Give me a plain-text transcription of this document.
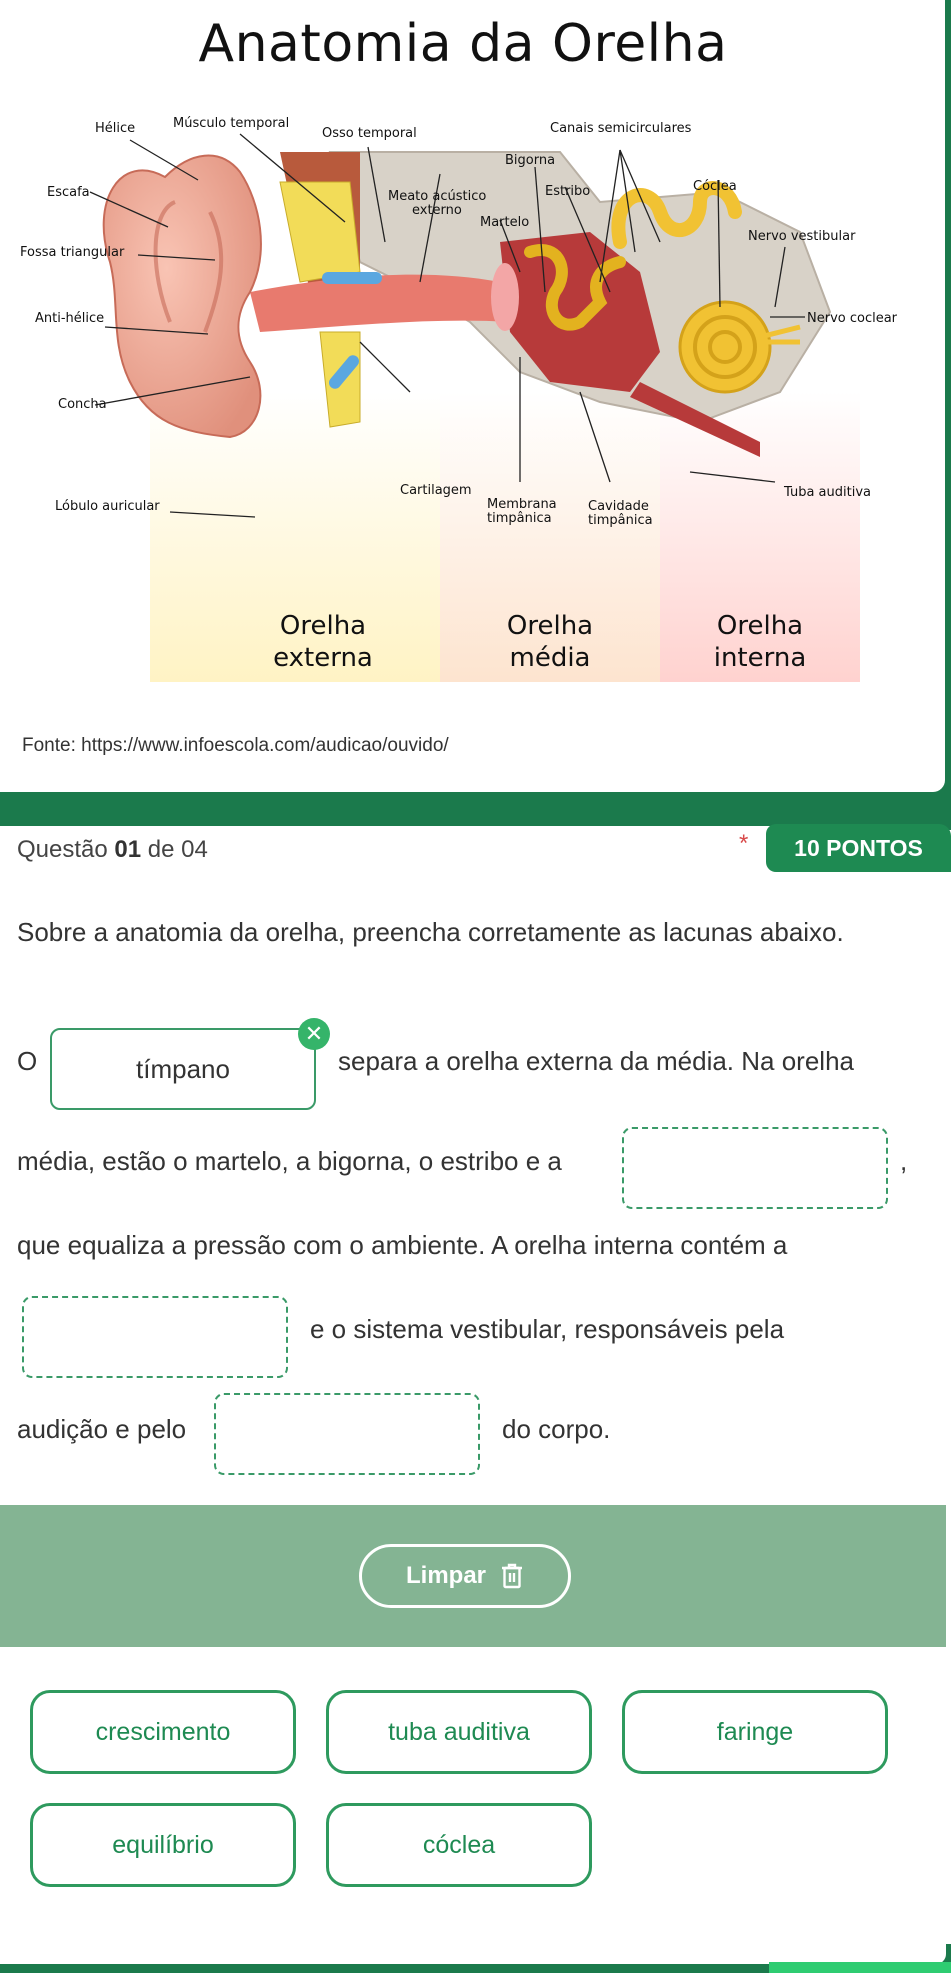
Anatomia da Orelha
Hélice	Músculo temporal
Osso temporal	Canais semicirculares
Bigorna
Escafa	Meato acústico
externo
Estribo	Cóclea
Martelo
Nervo vestibular
Fossa triangular
Anti-hélice	Nervo coclear
Concha
Cartilagem	Tuba auditiva
Lóbulo auricular	Membrana
timpânica
Cavidade
timpânica
Orelha
externa
Orelha
média
Orelha
interna
Fonte: https://www.infoescola.com/audicao/ouvido/
Questão 01 de 04	*	10 PONTOS
Sobre a anatomia da orelha, preencha corretamente as lacunas abaixo.
O	tímpano
✕
separa a orelha externa da média. Na orelha
média, estão o martelo, a bigorna, o estribo e a	,
que equaliza a pressão com o ambiente. A orelha interna contém a
e o sistema vestibular, responsáveis pela
audição e pelo	do corpo.
Limpar
crescimento	tuba auditiva	faringe
equilíbrio	cóclea
